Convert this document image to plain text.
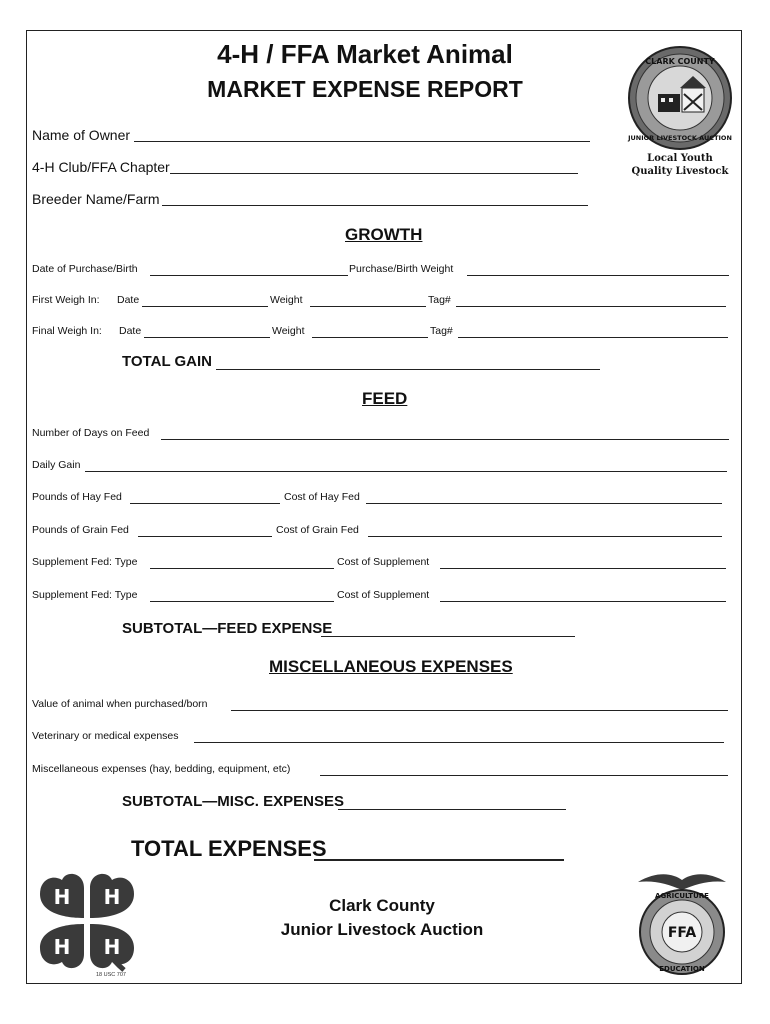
4-H / FFA Market Animal
MARKET EXPENSE REPORT
CLARK COUNTY
JUNIOR LIVESTOCK AUCTION
Local Youth
Quality Livestock
Name of Owner
4-H Club/FFA Chapter
Breeder Name/Farm
GROWTH
Date of Purchase/Birth	Purchase/Birth Weight
First Weigh In: Date	Weight	Tag#
Final Weigh In: Date	Weight	Tag#
TOTAL GAIN
FEED
Number of Days on Feed
Daily Gain
Pounds of Hay Fed	Cost of Hay Fed
Pounds of Grain Fed	Cost of Grain Fed
Supplement Fed: Type	Cost of Supplement
Supplement Fed: Type	Cost of Supplement
SUBTOTAL—FEED EXPENSE
MISCELLANEOUS EXPENSES
Value of animal when purchased/born
Veterinary or medical expenses
Miscellaneous expenses (hay, bedding, equipment, etc)
SUBTOTAL—MISC. EXPENSES
TOTAL EXPENSES
H H
H H
18 USC 707
Clark County
Junior Livestock Auction
AGRICULTURE
FFA
EDUCATION
